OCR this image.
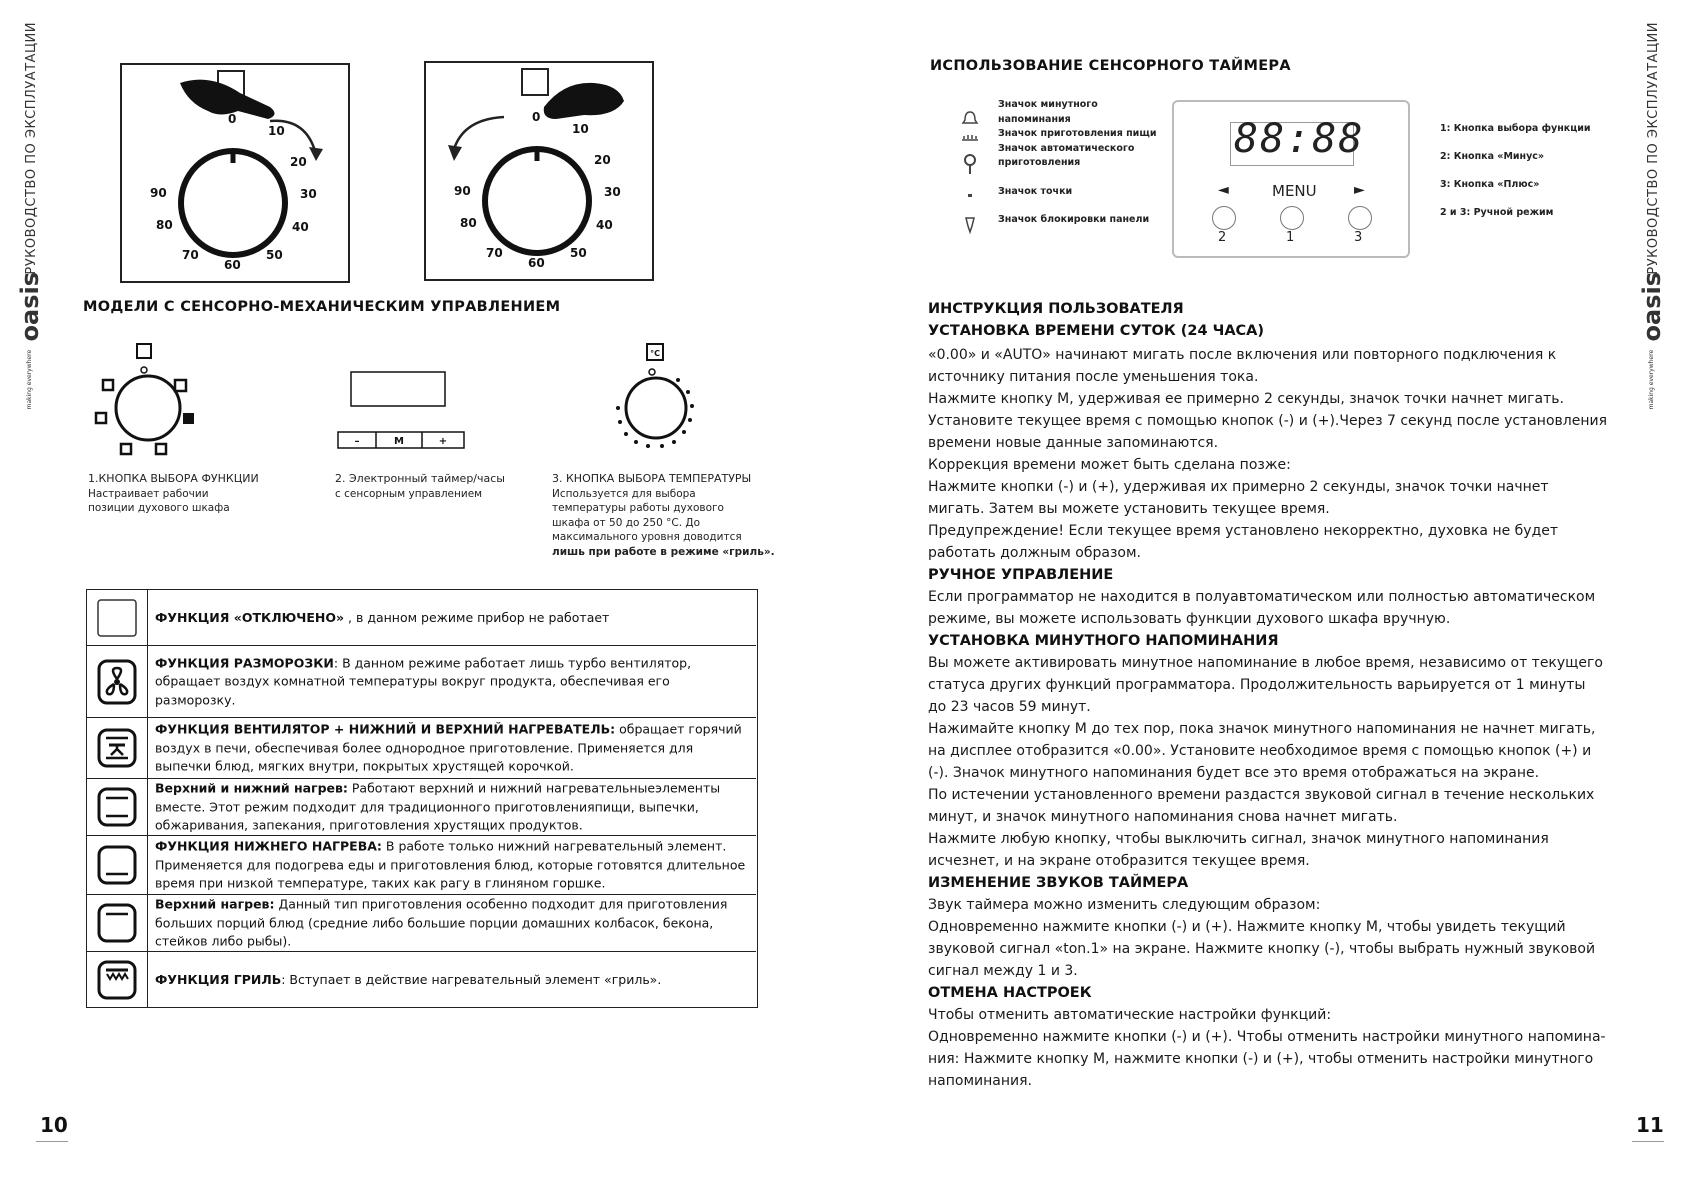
РУКОВОДСТВО ПО ЭКСПЛУАТАЦИИ
making everywhere oasis
10
0
10
20
30
40
50
60
70
80
90
0
10
20
30
40
50
60
70
80
90
МОДЕЛИ С СЕНСОРНО-МЕХАНИЧЕСКИМ УПРАВЛЕНИЕМ
–	M	+
°C
1.КНОПКА ВЫБОРА ФУНКЦИИ
Настраивает рабочии
позиции духового шкафа
2. Электронный таймер/часы
с сенсорным управлением
3. КНОПКА ВЫБОРА ТЕМПЕРАТУРЫ
Используется для выбора
температуры работы духового
шкафа от 50 до 250 °С. До
максимального уровня доводится
лишь при работе в режиме «гриль».
ФУНКЦИЯ «ОТКЛЮЧЕНО» , в данном режиме прибор не работает
ФУНКЦИЯ РАЗМОРОЗКИ: В данном режиме работает лишь турбо вентилятор, обращает воздух комнатной температуры вокруг продукта, обеспечивая его разморозку.
ФУНКЦИЯ ВЕНТИЛЯТОР + НИЖНИЙ И ВЕРХНИЙ НАГРЕВАТЕЛЬ: обращает горячий воздух в печи, обеспечивая более однородное приготовление. Применяется для выпечки блюд, мягких внутри, покрытых хрустящей корочкой.
Верхний и нижний нагрев: Работают верхний и нижний нагревательныеэлементы вместе. Этот режим подходит для традиционного приготовленияпищи, выпечки, обжаривания, запекания, приготовления хрустящих продуктов.
ФУНКЦИЯ НИЖНЕГО НАГРЕВА: В работе только нижний нагревательный элемент. Применяется для подогрева еды и приготовления блюд, которые готовятся длительное время при низкой температуре, таких как рагу в глиняном горшке.
Верхний нагрев: Данный тип приготовления особенно подходит для приготовления больших порций блюд (средние либо большие порции домашних колбасок, бекона, стейков либо рыбы).
ФУНКЦИЯ ГРИЛЬ: Вступает в действие нагревательный элемент «гриль».
РУКОВОДСТВО ПО ЭКСПЛУАТАЦИИ
making everywhere oasis
11
ИСПОЛЬЗОВАНИЕ СЕНСОРНОГО ТАЙМЕРА
Значок минутного
напоминания
Значок приготовления пищи
Значок автоматического
приготовления
Значок точки
Значок блокировки панели
88:88
◄	MENU	►
2	1	3
1: Кнопка выбора функции
2: Кнопка «Минус»
3: Кнопка «Плюс»
2 и 3: Ручной режим
ИНСТРУКЦИЯ ПОЛЬЗОВАТЕЛЯ
УСТАНОВКА ВРЕМЕНИ СУТОК (24 ЧАСА)

«0.00» и «AUTO» начинают мигать после включения или повторного подключения к источнику питания после уменьшения тока.

Нажмите кнопку М, удерживая ее примерно 2 секунды, значок точки начнет мигать. Установите текущее время с помощью кнопок (-) и (+).Через 7 секунд после установления времени новые данные запоминаются.

Коррекция времени может быть сделана позже:

Нажмите кнопки (-) и (+), удерживая их примерно 2 секунды, значок точки начнет мигать. Затем вы можете установить текущее время.

Предупреждение! Если текущее время установлено некорректно, духовка не будет работать должным образом.

РУЧНОЕ УПРАВЛЕНИЕ

Если программатор не находится в полуавтоматическом или полностью автоматическом режиме, вы можете использовать функции духового шкафа вручную.

УСТАНОВКА МИНУТНОГО НАПОМИНАНИЯ

Вы можете активировать минутное напоминание в любое время, независимо от текущего статуса других функций программатора. Продолжительность варьируется от 1 минуты до 23 часов 59 минут.

Нажимайте кнопку М до тех пор, пока значок минутного напоминания не начнет мигать, на дисплее отобразится «0.00». Установите необходимое время с помощью кнопок (+) и (-). Значок минутного напоминания будет все это время отображаться на экране.

По истечении установленного времени раздастся звуковой сигнал в течение нескольких минут, и значок минутного напоминания снова начнет мигать.

Нажмите любую кнопку, чтобы выключить сигнал, значок минутного напоминания исчезнет, и на экране отобразится текущее время.

ИЗМЕНЕНИЕ ЗВУКОВ ТАЙМЕРА

Звук таймера можно изменить следующим образом:

Одновременно нажмите кнопки (-) и (+). Нажмите кнопку М, чтобы увидеть текущий звуковой сигнал «ton.1» на экране. Нажмите кнопку (-), чтобы выбрать нужный звуковой сигнал между 1 и 3.

ОТМЕНА НАСТРОЕК

Чтобы отменить автоматические настройки функций:

Одновременно нажмите кнопки (-) и (+). Чтобы отменить настройки минутного напомина-ния: Нажмите кнопку М, нажмите кнопки (-) и (+), чтобы отменить настройки минутного напоминания.
